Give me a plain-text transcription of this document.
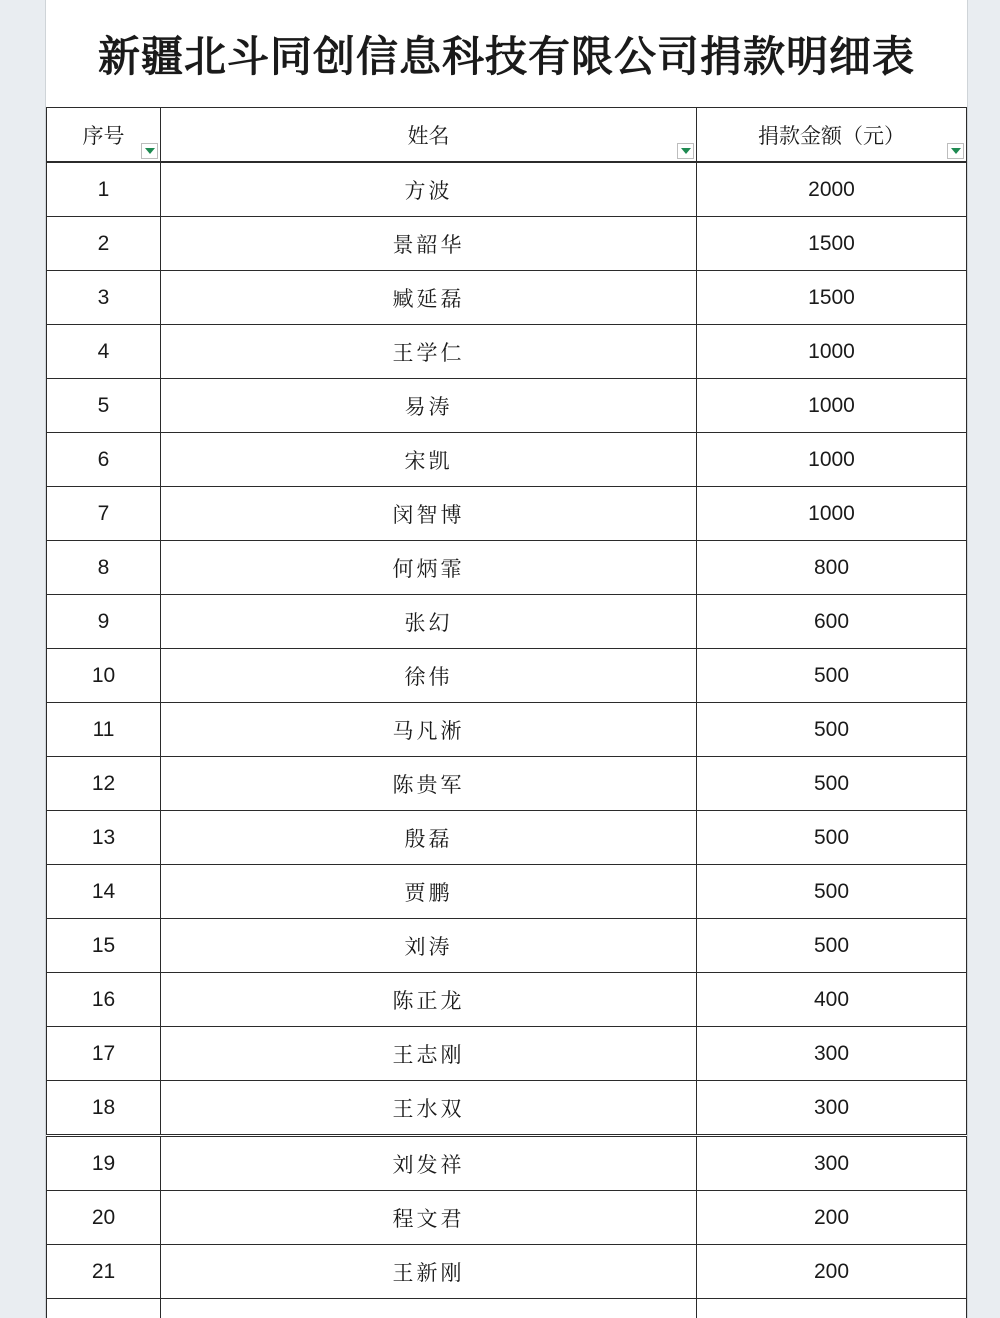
新疆北斗同创信息科技有限公司捐款明细表
序号	姓名	捐款金额（元）

1	方波	2000
2	景韶华	1500
3	臧延磊	1500
4	王学仁	1000
5	易涛	1000
6	宋凯	1000
7	闵智博	1000
8	何炳霏	800
9	张幻	600
10	徐伟	500
11	马凡淅	500
12	陈贵军	500
13	殷磊	500
14	贾鹏	500
15	刘涛	500
16	陈正龙	400
17	王志刚	300
18	王水双	300
19	刘发祥	300
20	程文君	200
21	王新刚	200
